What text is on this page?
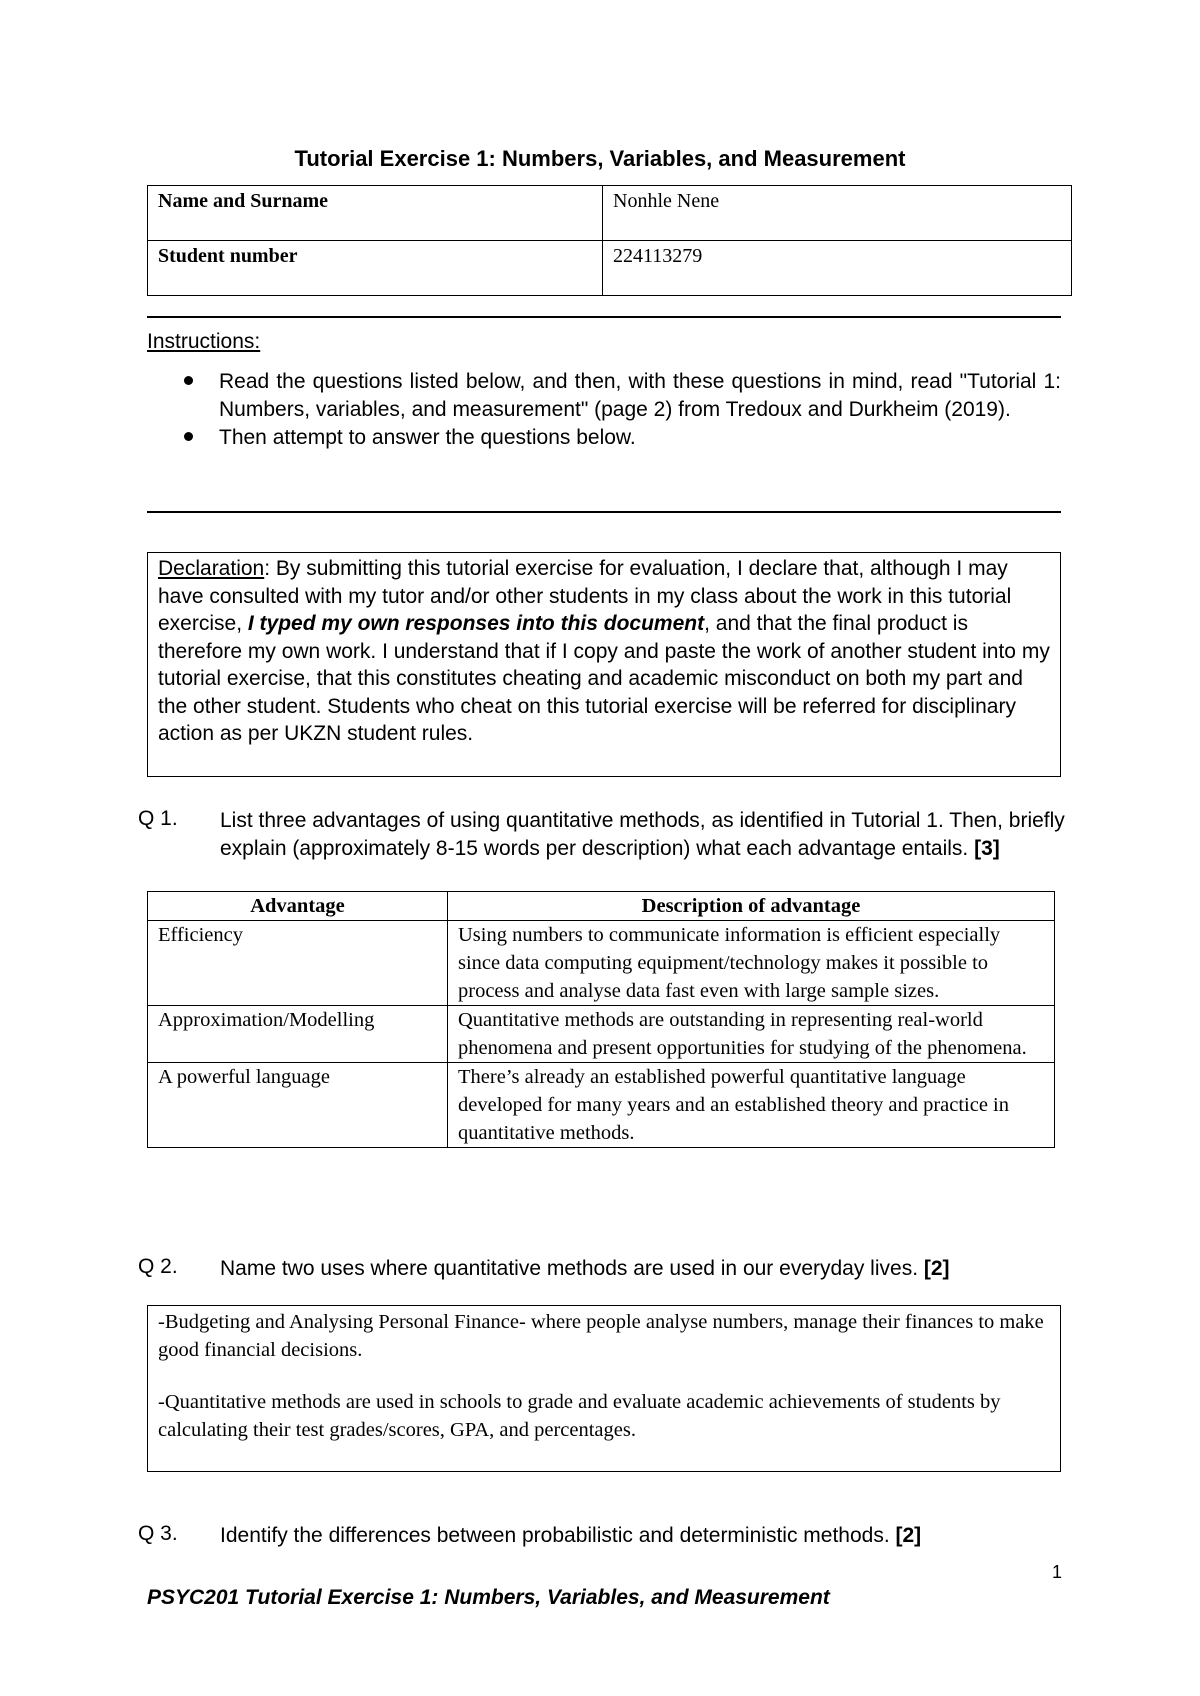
Tutorial Exercise 1: Numbers, Variables, and Measurement
Name and Surname	Nonhle Nene
Student number	224113279
Instructions:
Read the questions listed below, and then, with these questions in mind, read "Tutorial 1: Numbers, variables, and measurement" (page 2) from Tredoux and Durkheim (2019).
Then attempt to answer the questions below.
Declaration: By submitting this tutorial exercise for evaluation, I declare that, although I may have consulted with my tutor and/or other students in my class about the work in this tutorial exercise, I typed my own responses into this document, and that the final product is therefore my own work. I understand that if I copy and paste the work of another student into my tutorial exercise, that this constitutes cheating and academic misconduct on both my part and the other student. Students who cheat on this tutorial exercise will be referred for disciplinary action as per UKZN student rules.
Q 1. List three advantages of using quantitative methods, as identified in Tutorial 1. Then, briefly explain (approximately 8-15 words per description) what each advantage entails. [3]
Advantage	Description of advantage
Efficiency	Using numbers to communicate information is efficient especially since data computing equipment/technology makes it possible to process and analyse data fast even with large sample sizes.
Approximation/Modelling	Quantitative methods are outstanding in representing real-world phenomena and present opportunities for studying of the phenomena.
A powerful language	There’s already an established powerful quantitative language developed for many years and an established theory and practice in quantitative methods.
Q 2. Name two uses where quantitative methods are used in our everyday lives. [2]

-Budgeting and Analysing Personal Finance- where people analyse numbers, manage their finances to make good financial decisions.

-Quantitative methods are used in schools to grade and evaluate academic achievements of students by calculating their test grades/scores, GPA, and percentages.

Q 3. Identify the differences between probabilistic and deterministic methods. [2]
1
PSYC201 Tutorial Exercise 1: Numbers, Variables, and Measurement
